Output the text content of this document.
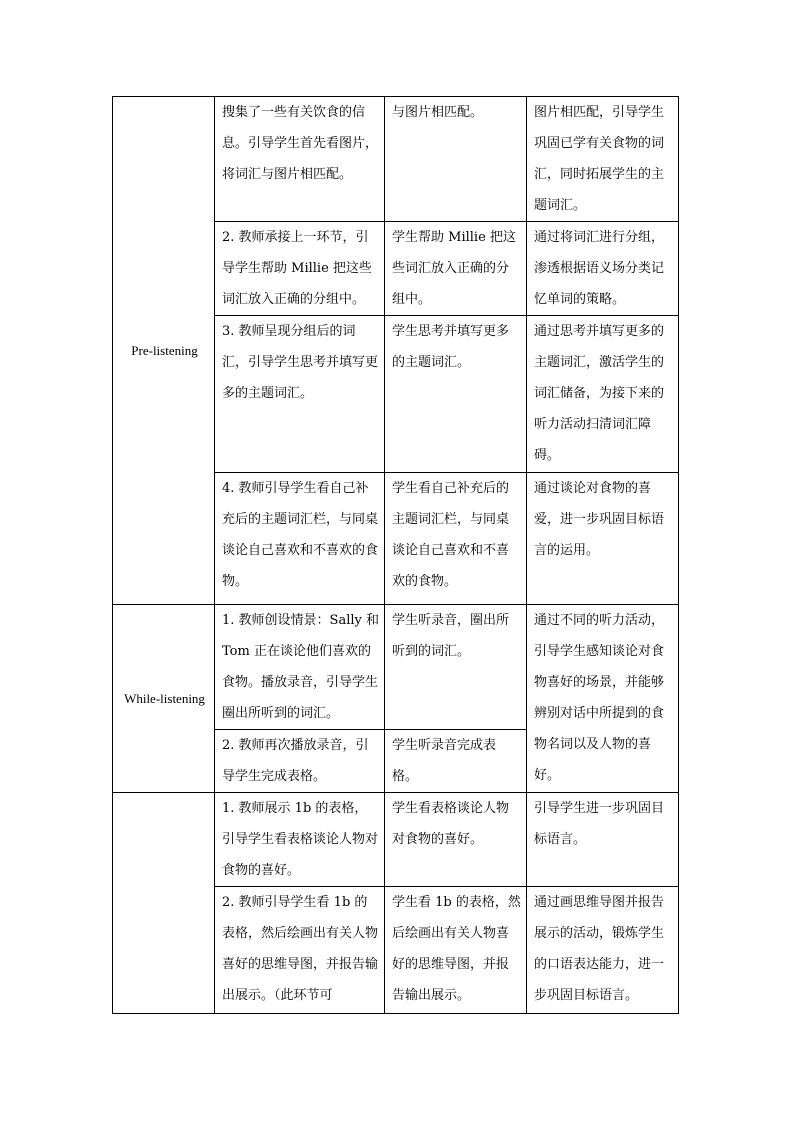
Pre-listening	搜集了一些有关饮食的信息。引导学生首先看图片，将词汇与图片相匹配。	与图片相匹配。	图片相匹配，引导学生巩固已学有关食物的词汇，同时拓展学生的主题词汇。
	2. 教师承接上一环节，引导学生帮助 Millie 把这些词汇放入正确的分组中。	学生帮助 Millie 把这些词汇放入正确的分组中。	通过将词汇进行分组，渗透根据语义场分类记忆单词的策略。
	3. 教师呈现分组后的词汇，引导学生思考并填写更多的主题词汇。	学生思考并填写更多的主题词汇。	通过思考并填写更多的主题词汇，激活学生的词汇储备，为接下来的听力活动扫清词汇障碍。
	4. 教师引导学生看自己补充后的主题词汇栏，与同桌谈论自己喜欢和不喜欢的食物。	学生看自己补充后的主题词汇栏，与同桌谈论自己喜欢和不喜欢的食物。	通过谈论对食物的喜爱，进一步巩固目标语言的运用。
While-listening	1. 教师创设情景：Sally 和 Tom 正在谈论他们喜欢的食物。播放录音，引导学生圈出所听到的词汇。	学生听录音，圈出所听到的词汇。	通过不同的听力活动，引导学生感知谈论对食物喜好的场景，并能够辨别对话中所提到的食物名词以及人物的喜好。
	2. 教师再次播放录音，引导学生完成表格。	学生听录音完成表格。	
	1. 教师展示 1b 的表格，引导学生看表格谈论人物对食物的喜好。	学生看表格谈论人物对食物的喜好。	引导学生进一步巩固目标语言。
	2. 教师引导学生看 1b 的表格，然后绘画出有关人物喜好的思维导图，并报告输出展示。（此环节可	学生看 1b 的表格，然后绘画出有关人物喜好的思维导图，并报告输出展示。	通过画思维导图并报告展示的活动，锻炼学生的口语表达能力，进一步巩固目标语言。
